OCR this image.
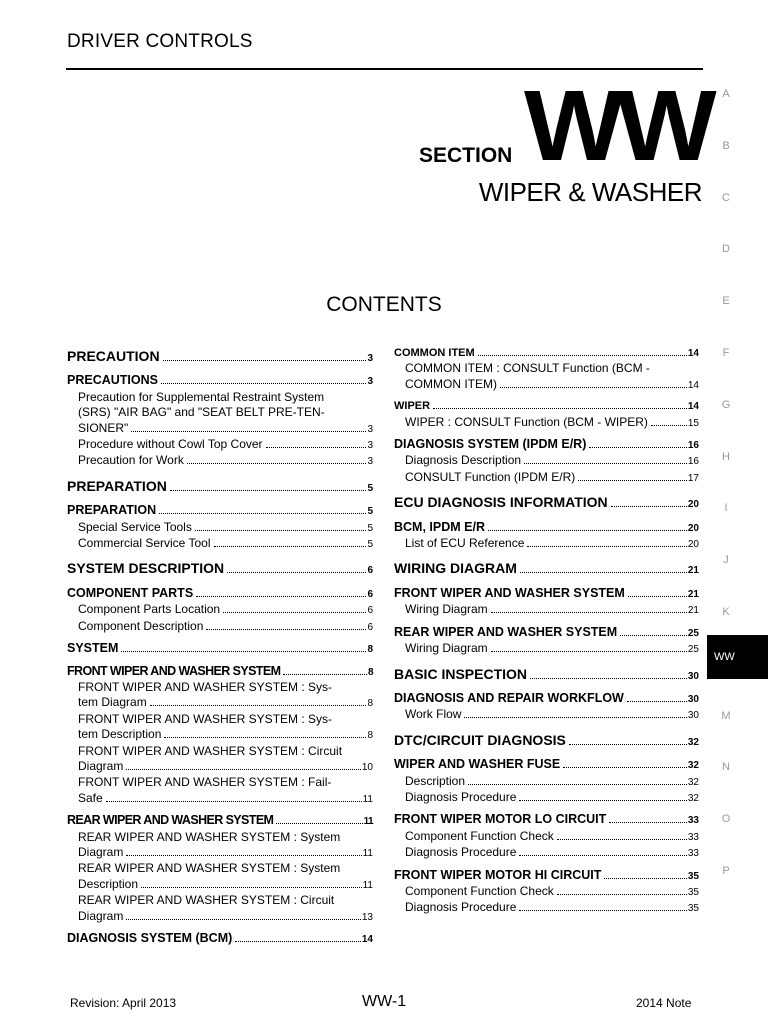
DRIVER CONTROLS
SECTION WW
WIPER & WASHER
CONTENTS
PRECAUTION	3
PRECAUTIONS	3
Precaution for Supplemental Restraint System
(SRS) "AIR BAG" and "SEAT BELT PRE-TEN-
SIONER"	3
Procedure without Cowl Top Cover	3
Precaution for Work	3
PREPARATION	5
PREPARATION	5
Special Service Tools	5
Commercial Service Tool	5
SYSTEM DESCRIPTION	6
COMPONENT PARTS	6
Component Parts Location	6
Component Description	6
SYSTEM	8
FRONT WIPER AND WASHER SYSTEM	8
FRONT WIPER AND WASHER SYSTEM : Sys-
tem Diagram	8
FRONT WIPER AND WASHER SYSTEM : Sys-
tem Description	8
FRONT WIPER AND WASHER SYSTEM : Circuit
Diagram	10
FRONT WIPER AND WASHER SYSTEM : Fail-
Safe	11
REAR WIPER AND WASHER SYSTEM	11
REAR WIPER AND WASHER SYSTEM : System
Diagram	11
REAR WIPER AND WASHER SYSTEM : System
Description	11
REAR WIPER AND WASHER SYSTEM : Circuit
Diagram	13
DIAGNOSIS SYSTEM (BCM)	14
COMMON ITEM	14
COMMON ITEM : CONSULT Function (BCM -
COMMON ITEM)	14
WIPER	14
WIPER : CONSULT Function (BCM - WIPER)	15
DIAGNOSIS SYSTEM (IPDM E/R)	16
Diagnosis Description	16
CONSULT Function (IPDM E/R)	17
ECU DIAGNOSIS INFORMATION	20
BCM, IPDM E/R	20
List of ECU Reference	20
WIRING DIAGRAM	21
FRONT WIPER AND WASHER SYSTEM	21
Wiring Diagram	21
REAR WIPER AND WASHER SYSTEM	25
Wiring Diagram	25
BASIC INSPECTION	30
DIAGNOSIS AND REPAIR WORKFLOW	30
Work Flow	30
DTC/CIRCUIT DIAGNOSIS	32
WIPER AND WASHER FUSE	32
Description	32
Diagnosis Procedure	32
FRONT WIPER MOTOR LO CIRCUIT	33
Component Function Check	33
Diagnosis Procedure	33
FRONT WIPER MOTOR HI CIRCUIT	35
Component Function Check	35
Diagnosis Procedure	35
A
B
C
D
E
F
G
H
I
J
K
WW
M
N
O
P
Revision: April 2013	WW-1	2014 Note
